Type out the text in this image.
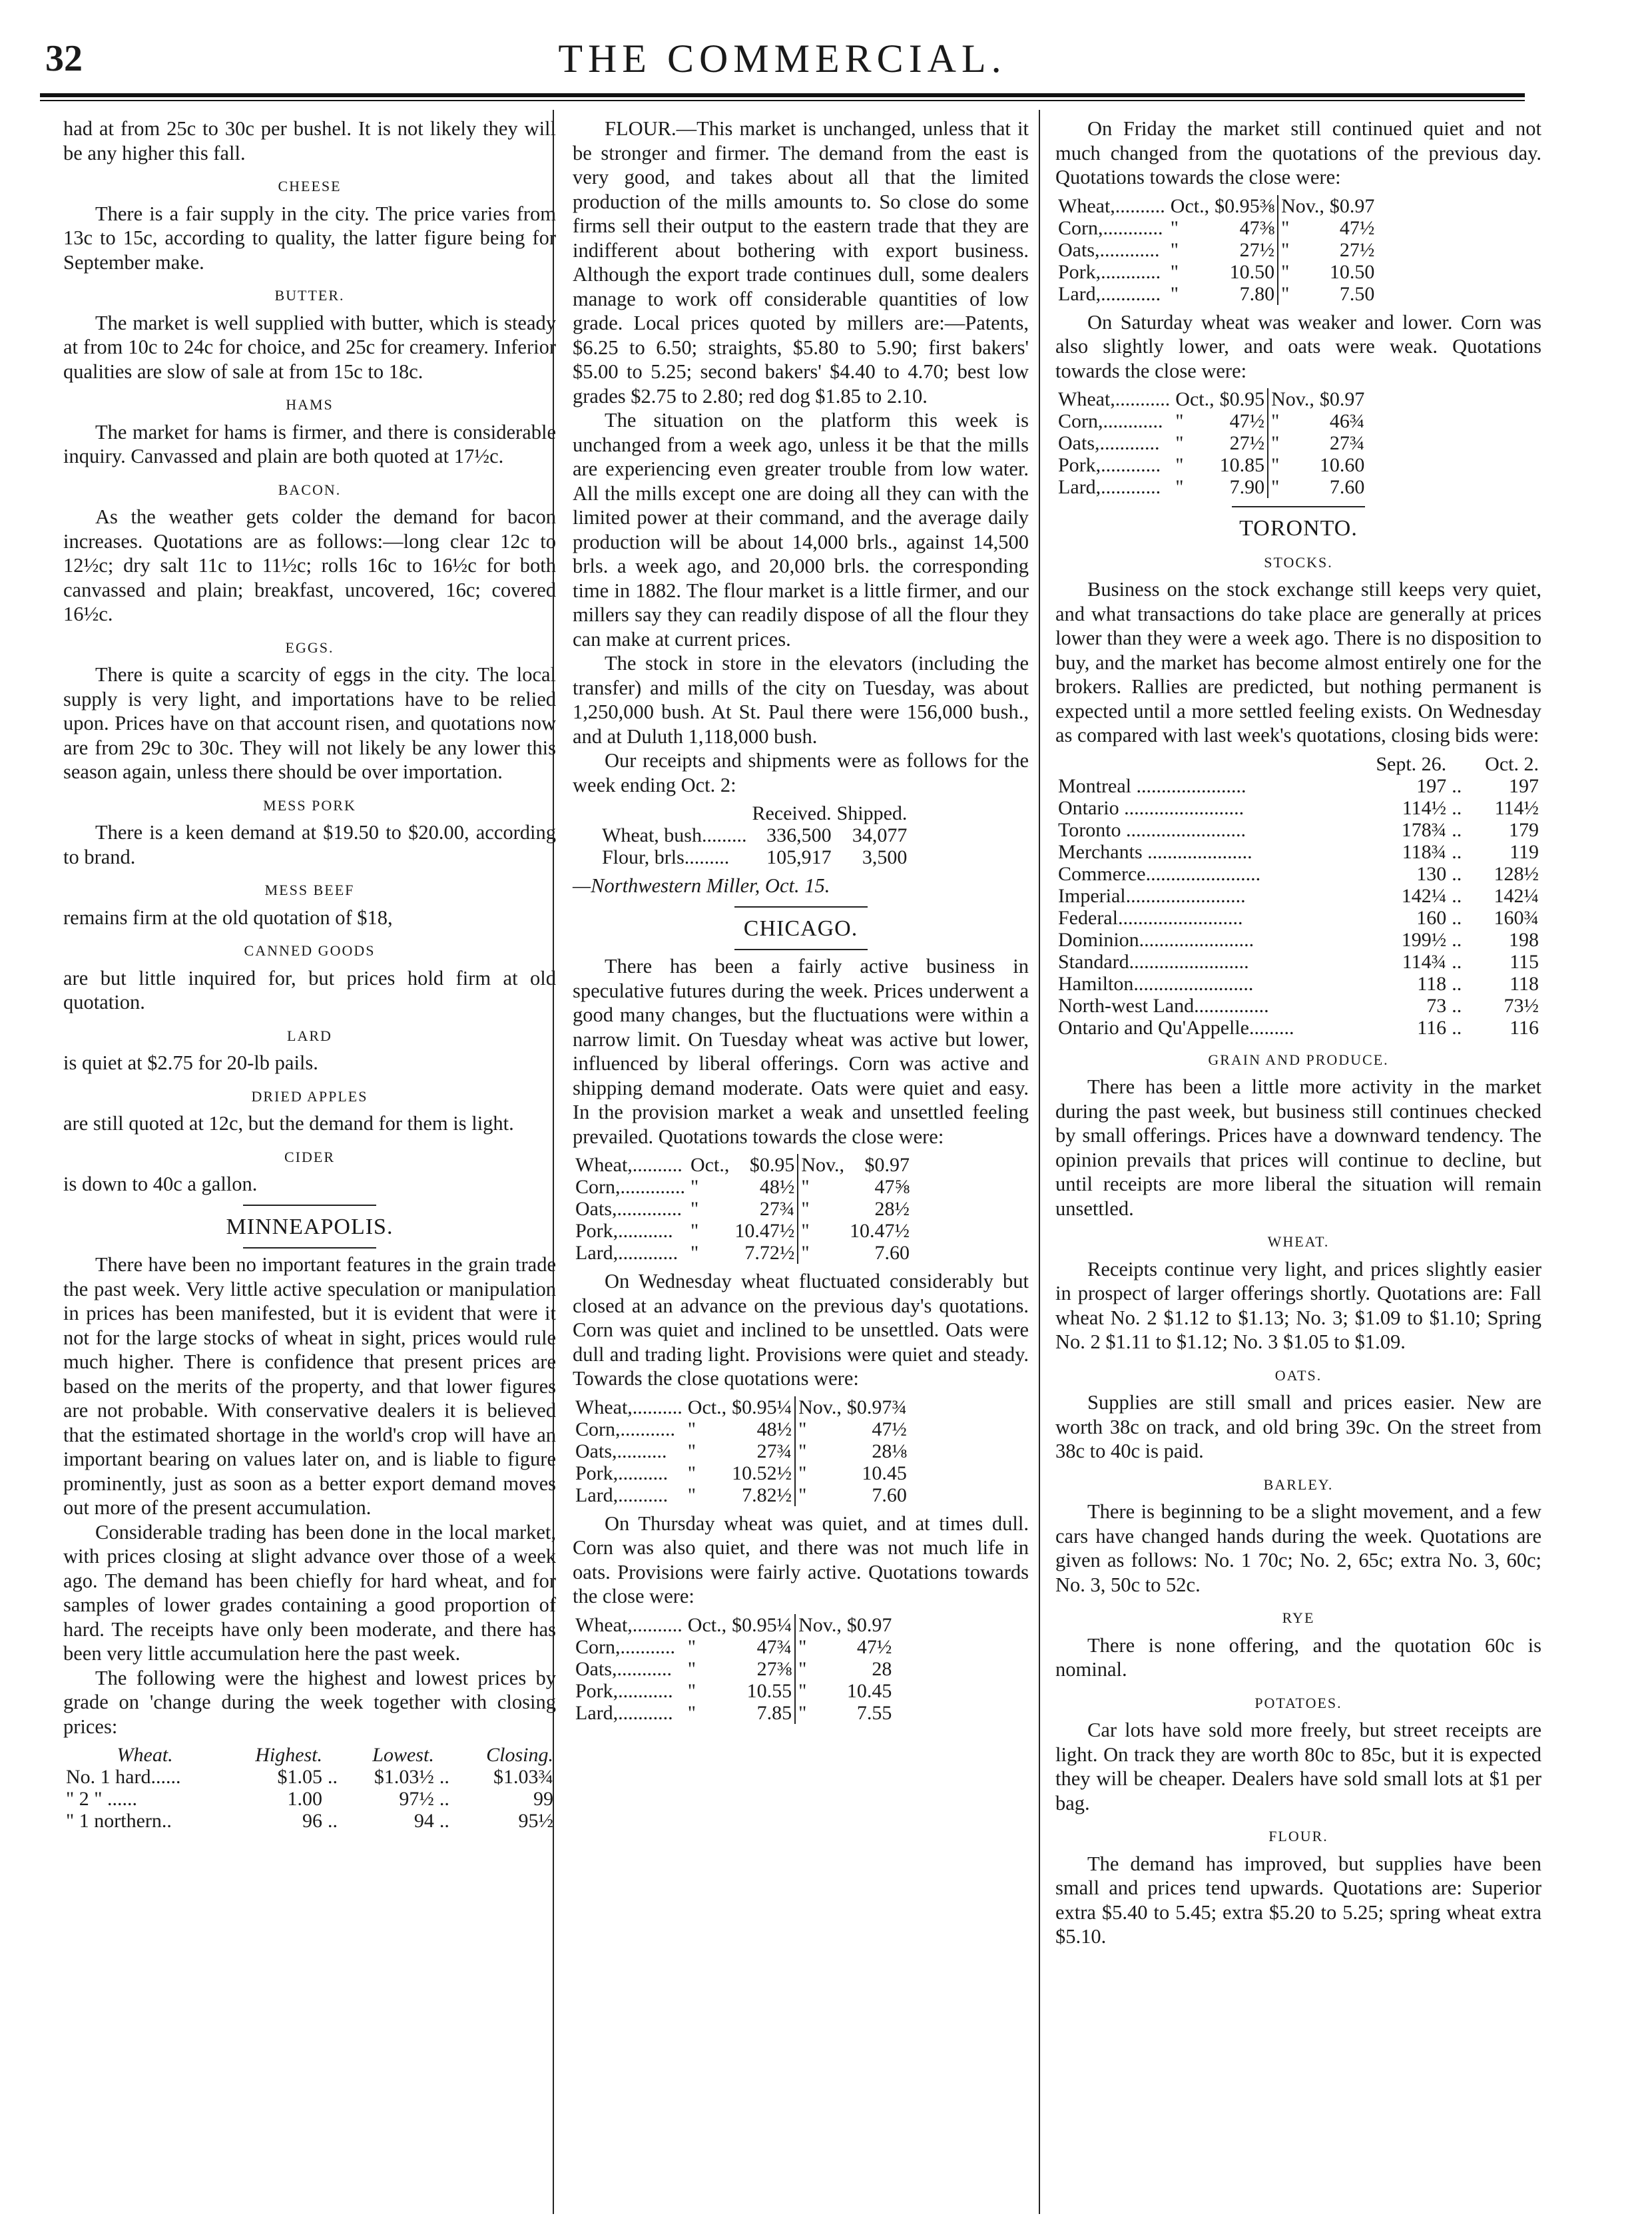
32	THE COMMERCIAL.

had at from 25c to 30c per bushel. It is not likely they will be any higher this fall.

CHEESE

There is a fair supply in the city. The price varies from 13c to 15c, according to quality, the latter figure being for September make.

BUTTER.

The market is well supplied with butter, which is steady at from 10c to 24c for choice, and 25c for creamery. Inferior qualities are slow of sale at from 15c to 18c.

HAMS

The market for hams is firmer, and there is considerable inquiry. Canvassed and plain are both quoted at 17½c.

BACON.

As the weather gets colder the demand for bacon increases. Quotations are as follows:—long clear 12c to 12½c; dry salt 11c to 11½c; rolls 16c to 16½c for both canvassed and plain; breakfast, uncovered, 16c; covered 16½c.

EGGS.

There is quite a scarcity of eggs in the city. The local supply is very light, and importations have to be relied upon. Prices have on that account risen, and quotations now are from 29c to 30c. They will not likely be any lower this season again, unless there should be over importation.

MESS PORK

There is a keen demand at $19.50 to $20.00, according to brand.

MESS BEEF

remains firm at the old quotation of $18,

CANNED GOODS

are but little inquired for, but prices hold firm at old quotation.

LARD

is quiet at $2.75 for 20-lb pails.

DRIED APPLES

are still quoted at 12c, but the demand for them is light.

CIDER

is down to 40c a gallon.

MINNEAPOLIS.

There have been no important features in the grain trade the past week. Very little active speculation or manipulation in prices has been manifested, but it is evident that were it not for the large stocks of wheat in sight, prices would rule much higher. There is confidence that present prices are based on the merits of the property, and that lower figures are not probable. With conservative dealers it is believed that the estimated shortage in the world's crop will have an important bearing on values later on, and is liable to figure prominently, just as soon as a better export demand moves out more of the present accumulation.

Considerable trading has been done in the local market, with prices closing at slight advance over those of a week ago. The demand has been chiefly for hard wheat, and for samples of lower grades containing a good proportion of hard. The receipts have only been moderate, and there has been very little accumulation here the past week.

The following were the highest and lowest prices by grade on 'change during the week together with closing prices:

Wheat.	Highest.		Lowest.		Closing.
No. 1 hard......	$1.05	..	$1.03½	..	$1.03¾
" 2 " ......	1.00		97½	..	99
" 1 northern..	96	..	94	..	95½

FLOUR.—This market is unchanged, unless that it be stronger and firmer. The demand from the east is very good, and takes about all that the limited production of the mills amounts to. So close do some firms sell their output to the eastern trade that they are indifferent about bothering with export business. Although the export trade continues dull, some dealers manage to work off considerable quantities of low grade. Local prices quoted by millers are:—Patents, $6.25 to 6.50; straights, $5.80 to 5.90; first bakers' $5.00 to 5.25; second bakers' $4.40 to 4.70; best low grades $2.75 to 2.80; red dog $1.85 to 2.10.

The situation on the platform this week is unchanged from a week ago, unless it be that the mills are experiencing even greater trouble from low water. All the mills except one are doing all they can with the limited power at their command, and the average daily production will be about 14,000 brls., against 14,500 brls. a week ago, and 20,000 brls. the corresponding time in 1882. The flour market is a little firmer, and our millers say they can readily dispose of all the flour they can make at current prices.

The stock in store in the elevators (including the transfer) and mills of the city on Tuesday, was about 1,250,000 bush. At St. Paul there were 156,000 bush., and at Duluth 1,118,000 bush.

Our receipts and shipments were as follows for the week ending Oct. 2:

	Received.	Shipped.
Wheat, bush.........	336,500	34,077
Flour, brls.........	105,917	3,500

—Northwestern Miller, Oct. 15.

CHICAGO.

There has been a fairly active business in speculative futures during the week. Prices underwent a good many changes, but the fluctuations were within a narrow limit. On Tuesday wheat was active but lower, influenced by liberal offerings. Corn was active and shipping demand moderate. Oats were quiet and easy. In the provision market a weak and unsettled feeling prevailed. Quotations towards the close were:

Wheat,..........	Oct.,	$0.95	Nov.,	$0.97
Corn,.............	"	48½	"	47⅝
Oats,.............	"	27¾	"	28½
Pork,...........	"	10.47½	"	10.47½
Lard,............	"	7.72½	"	7.60

On Wednesday wheat fluctuated considerably but closed at an advance on the previous day's quotations. Corn was quiet and inclined to be unsettled. Oats were dull and trading light. Provisions were quiet and steady. Towards the close quotations were:

Wheat,..........	Oct.,	$0.95¼	Nov.,	$0.97¾
Corn,...........	"	48½	"	47½
Oats,..........	"	27¾	"	28⅛
Pork,..........	"	10.52½	"	10.45
Lard,..........	"	7.82½	"	7.60

On Thursday wheat was quiet, and at times dull. Corn was also quiet, and there was not much life in oats. Provisions were fairly active. Quotations towards the close were:

Wheat,..........	Oct.,	$0.95¼	Nov.,	$0.97
Corn,...........	"	47¾	"	47½
Oats,...........	"	27⅜	"	28
Pork,...........	"	10.55	"	10.45
Lard,...........	"	7.85	"	7.55

On Friday the market still continued quiet and not much changed from the quotations of the previous day. Quotations towards the close were:

Wheat,..........	Oct.,	$0.95⅜	Nov.,	$0.97
Corn,............	"	47⅜	"	47½
Oats,............	"	27½	"	27½
Pork,............	"	10.50	"	10.50
Lard,............	"	7.80	"	7.50

On Saturday wheat was weaker and lower. Corn was also slightly lower, and oats were weak. Quotations towards the close were:

Wheat,...........	Oct.,	$0.95	Nov.,	$0.97
Corn,............	"	47½	"	46¾
Oats,............	"	27½	"	27¾
Pork,............	"	10.85	"	10.60
Lard,............	"	7.90	"	7.60
TORONTO.
STOCKS.

Business on the stock exchange still keeps very quiet, and what transactions do take place are generally at prices lower than they were a week ago. There is no disposition to buy, and the market has become almost entirely one for the brokers. Rallies are predicted, but nothing permanent is expected until a more settled feeling exists. On Wednesday as compared with last week's quotations, closing bids were:

	Sept. 26.		Oct. 2.
Montreal ......................	197	..	197
Ontario ........................	114½	..	114½
Toronto ........................	178¾	..	179
Merchants .....................	118¾	..	119
Commerce.......................	130	..	128½
Imperial........................	142¼	..	142¼
Federal.........................	160	..	160¾
Dominion.......................	199½	..	198
Standard........................	114¾	..	115
Hamilton........................	118	..	118
North-west Land...............	73	..	73½
Ontario and Qu'Appelle.........	116	..	116
GRAIN AND PRODUCE.

There has been a little more activity in the market during the past week, but business still continues checked by small offerings. Prices have a downward tendency. The opinion prevails that prices will continue to decline, but until receipts are more liberal the situation will remain unsettled.

WHEAT.

Receipts continue very light, and prices slightly easier in prospect of larger offerings shortly. Quotations are: Fall wheat No. 2 $1.12 to $1.13; No. 3; $1.09 to $1.10; Spring No. 2 $1.11 to $1.12; No. 3 $1.05 to $1.09.

OATS.

Supplies are still small and prices easier. New are worth 38c on track, and old bring 39c. On the street from 38c to 40c is paid.

BARLEY.

There is beginning to be a slight movement, and a few cars have changed hands during the week. Quotations are given as follows: No. 1 70c; No. 2, 65c; extra No. 3, 60c; No. 3, 50c to 52c.

RYE

There is none offering, and the quotation 60c is nominal.

POTATOES.

Car lots have sold more freely, but street receipts are light. On track they are worth 80c to 85c, but it is expected they will be cheaper. Dealers have sold small lots at $1 per bag.

FLOUR.

The demand has improved, but supplies have been small and prices tend upwards. Quotations are: Superior extra $5.40 to 5.45; extra $5.20 to 5.25; spring wheat extra $5.10.
